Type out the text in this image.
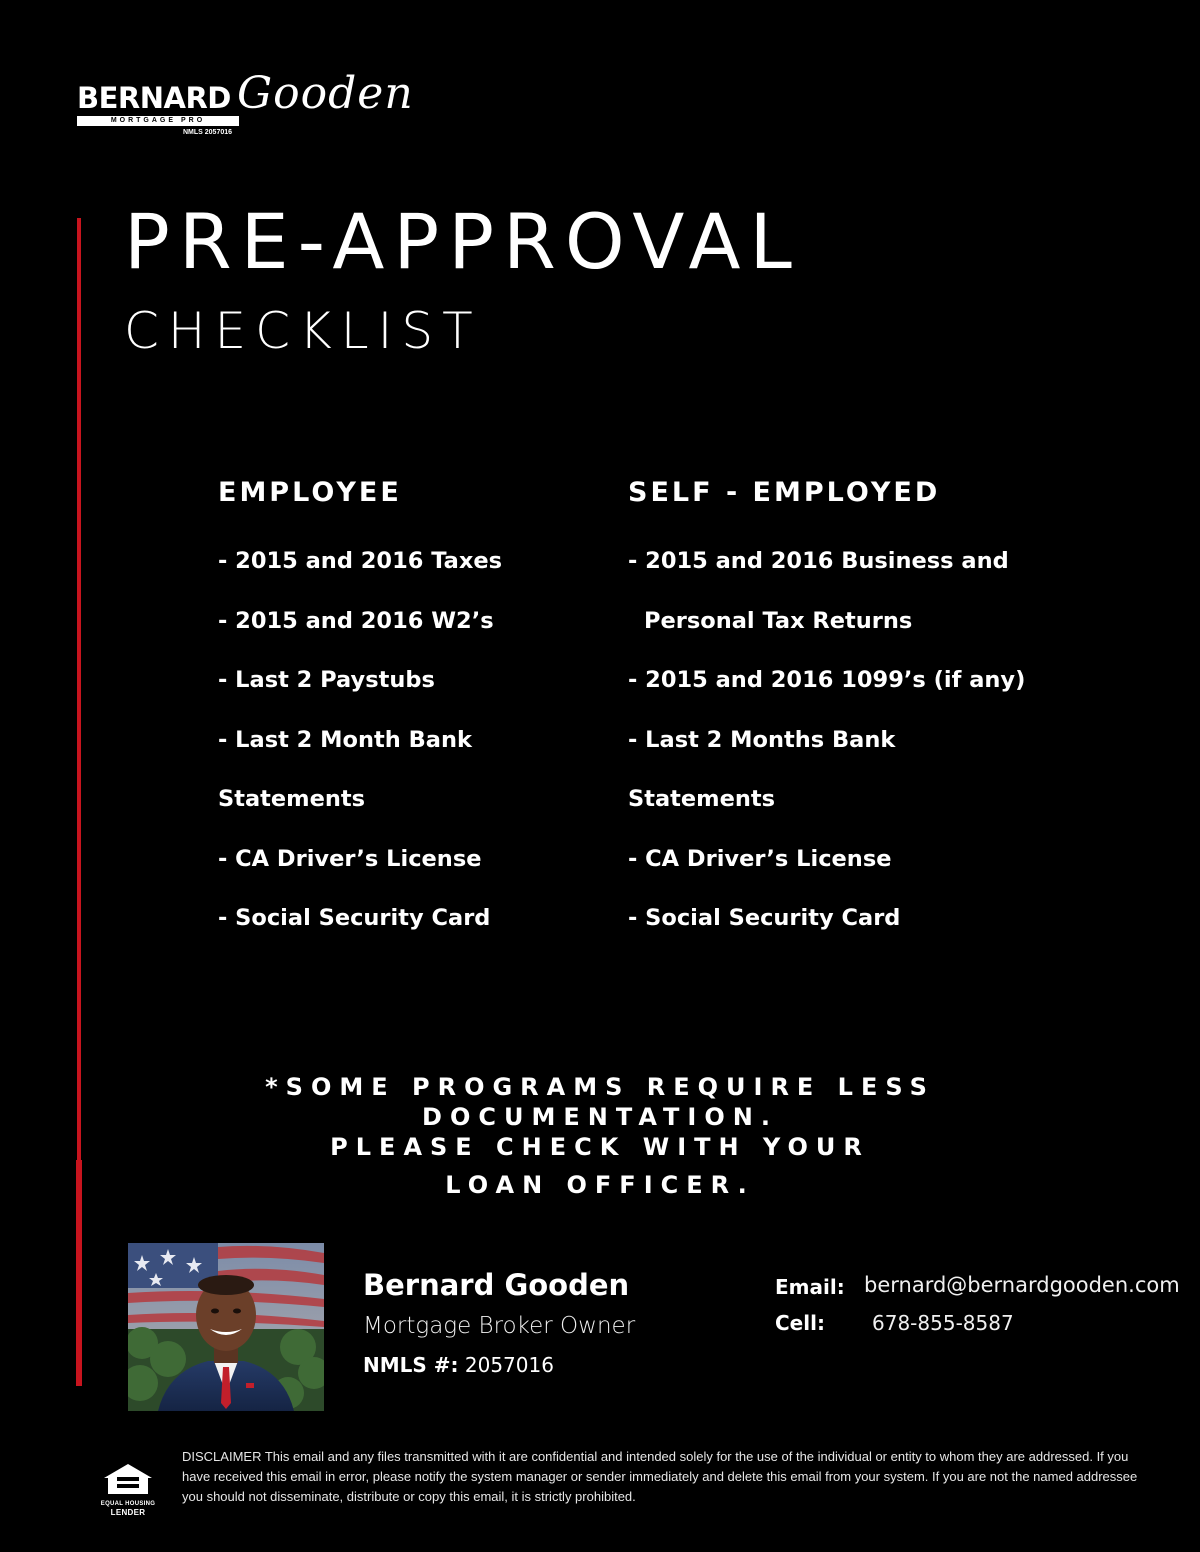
BERNARD
MORTGAGE PRO
NMLS 2057016
Gooden
PRE-APPROVAL
CHECKLIST
EMPLOYEE
- 2015 and 2016 Taxes
- 2015 and 2016 W2’s
- Last 2 Paystubs
- Last 2 Month Bank
Statements
- CA Driver’s License
- Social Security Card
SELF - EMPLOYED
- 2015 and 2016 Business and
Personal Tax Returns
- 2015 and 2016 1099’s (if any)
- Last 2 Months Bank
Statements
- CA Driver’s License
- Social Security Card
*SOME PROGRAMS REQUIRE LESS DOCUMENTATION.
PLEASE CHECK WITH YOUR
LOAN OFFICER.
Bernard Gooden
Mortgage Broker Owner
NMLS #: 2057016
Email: bernard@bernardgooden.com
Cell: 678-855-8587
EQUAL HOUSING
LENDER
DISCLAIMER This email and any files transmitted with it are confidential and intended solely for the use of the individual or entity to whom they are addressed. If you have received this email in error, please notify the system manager or sender immediately and delete this email from your system. If you are not the named addressee you should not disseminate, distribute or copy this email, it is strictly prohibited.
